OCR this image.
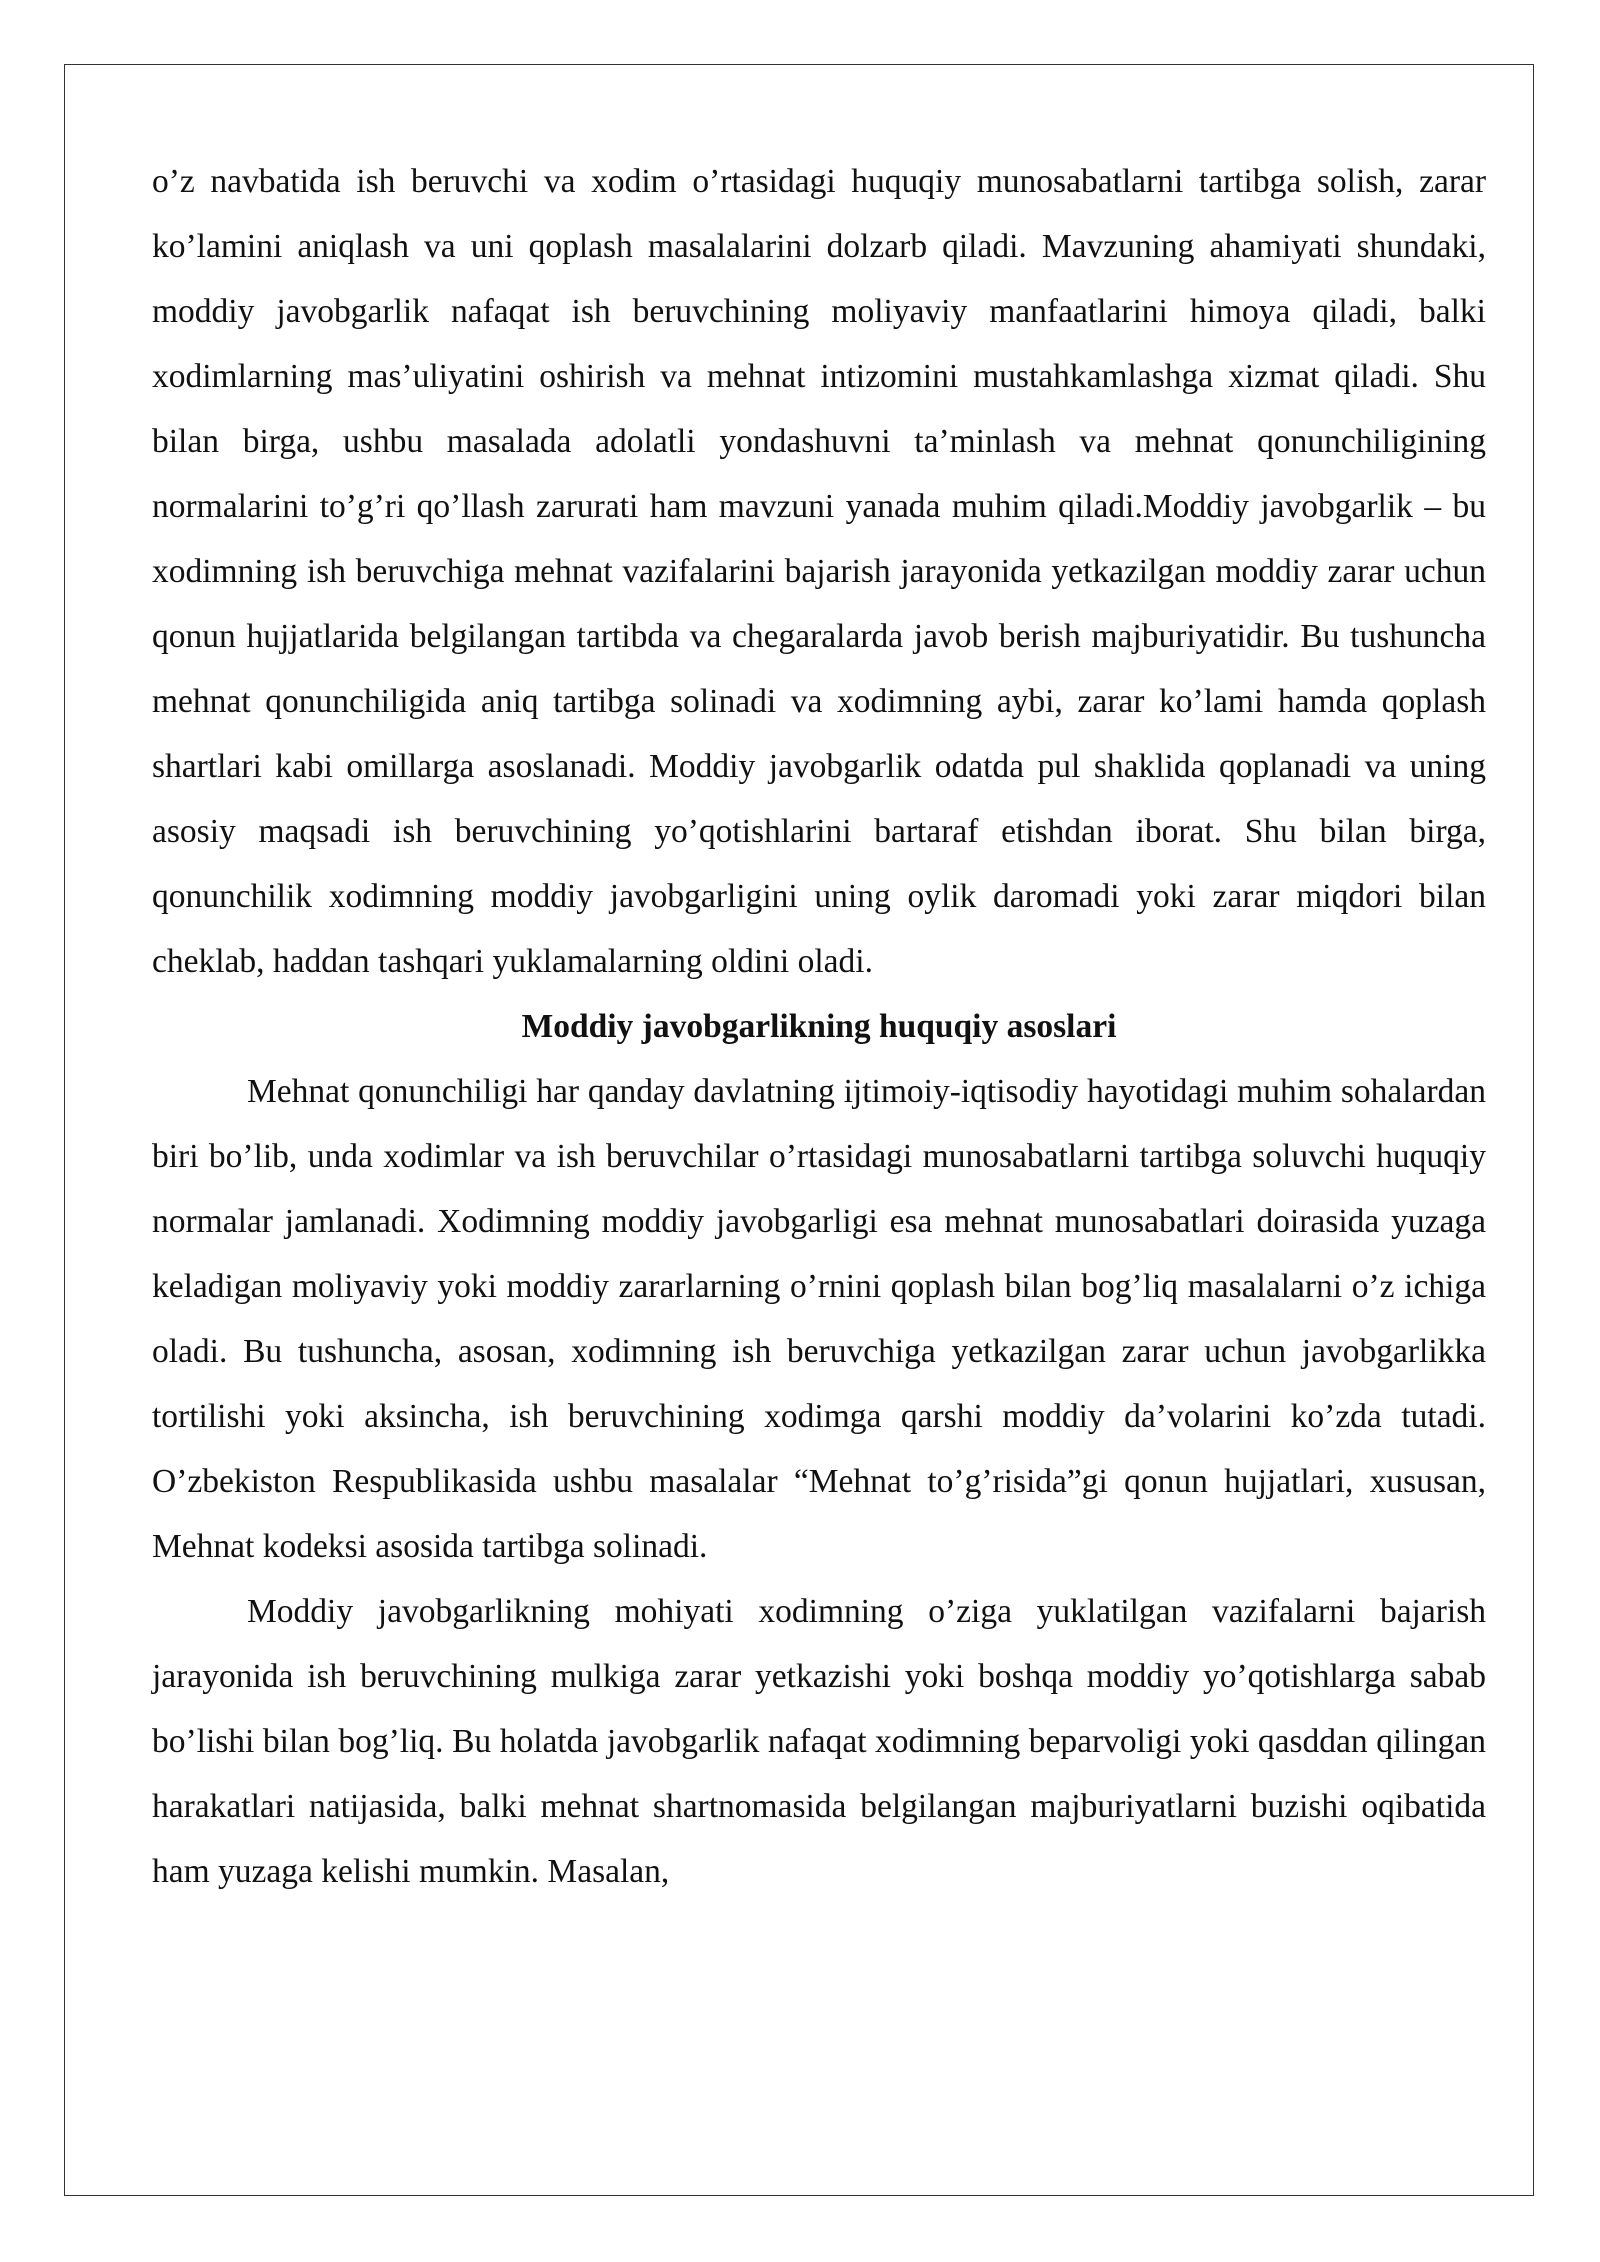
o’z navbatida ish beruvchi va xodim o’rtasidagi huquqiy munosabatlarni tartibga solish, zarar ko’lamini aniqlash va uni qoplash masalalarini dolzarb qiladi. Mavzuning ahamiyati shundaki, moddiy javobgarlik nafaqat ish beruvchining moliyaviy manfaatlarini himoya qiladi, balki xodimlarning mas’uliyatini oshirish va mehnat intizomini mustahkamlashga xizmat qiladi. Shu bilan birga, ushbu masalada adolatli yondashuvni ta’minlash va mehnat qonunchiligining normalarini to’g’ri qo’llash zarurati ham mavzuni yanada muhim qiladi.Moddiy javobgarlik – bu xodimning ish beruvchiga mehnat vazifalarini bajarish jarayonida yetkazilgan moddiy zarar uchun qonun hujjatlarida belgilangan tartibda va chegaralarda javob berish majburiyatidir. Bu tushuncha mehnat qonunchiligida aniq tartibga solinadi va xodimning aybi, zarar ko’lami hamda qoplash shartlari kabi omillarga asoslanadi. Moddiy javobgarlik odatda pul shaklida qoplanadi va uning asosiy maqsadi ish beruvchining yo’qotishlarini bartaraf etishdan iborat. Shu bilan birga, qonunchilik xodimning moddiy javobgarligini uning oylik daromadi yoki zarar miqdori bilan cheklab, haddan tashqari yuklamalarning oldini oladi.

Moddiy javobgarlikning huquqiy asoslari

Mehnat qonunchiligi har qanday davlatning ijtimoiy-iqtisodiy hayotidagi muhim sohalardan biri bo’lib, unda xodimlar va ish beruvchilar o’rtasidagi munosabatlarni tartibga soluvchi huquqiy normalar jamlanadi. Xodimning moddiy javobgarligi esa mehnat munosabatlari doirasida yuzaga keladigan moliyaviy yoki moddiy zararlarning o’rnini qoplash bilan bog’liq masalalarni o’z ichiga oladi. Bu tushuncha, asosan, xodimning ish beruvchiga yetkazilgan zarar uchun javobgarlikka tortilishi yoki aksincha, ish beruvchining xodimga qarshi moddiy da’volarini ko’zda tutadi. O’zbekiston Respublikasida ushbu masalalar “Mehnat to’g’risida”gi qonun hujjatlari, xususan, Mehnat kodeksi asosida tartibga solinadi.

Moddiy javobgarlikning mohiyati xodimning o’ziga yuklatilgan vazifalarni bajarish jarayonida ish beruvchining mulkiga zarar yetkazishi yoki boshqa moddiy yo’qotishlarga sabab bo’lishi bilan bog’liq. Bu holatda javobgarlik nafaqat xodimning beparvoligi yoki qasddan qilingan harakatlari natijasida, balki mehnat shartnomasida belgilangan majburiyatlarni buzishi oqibatida ham yuzaga kelishi mumkin. Masalan,
